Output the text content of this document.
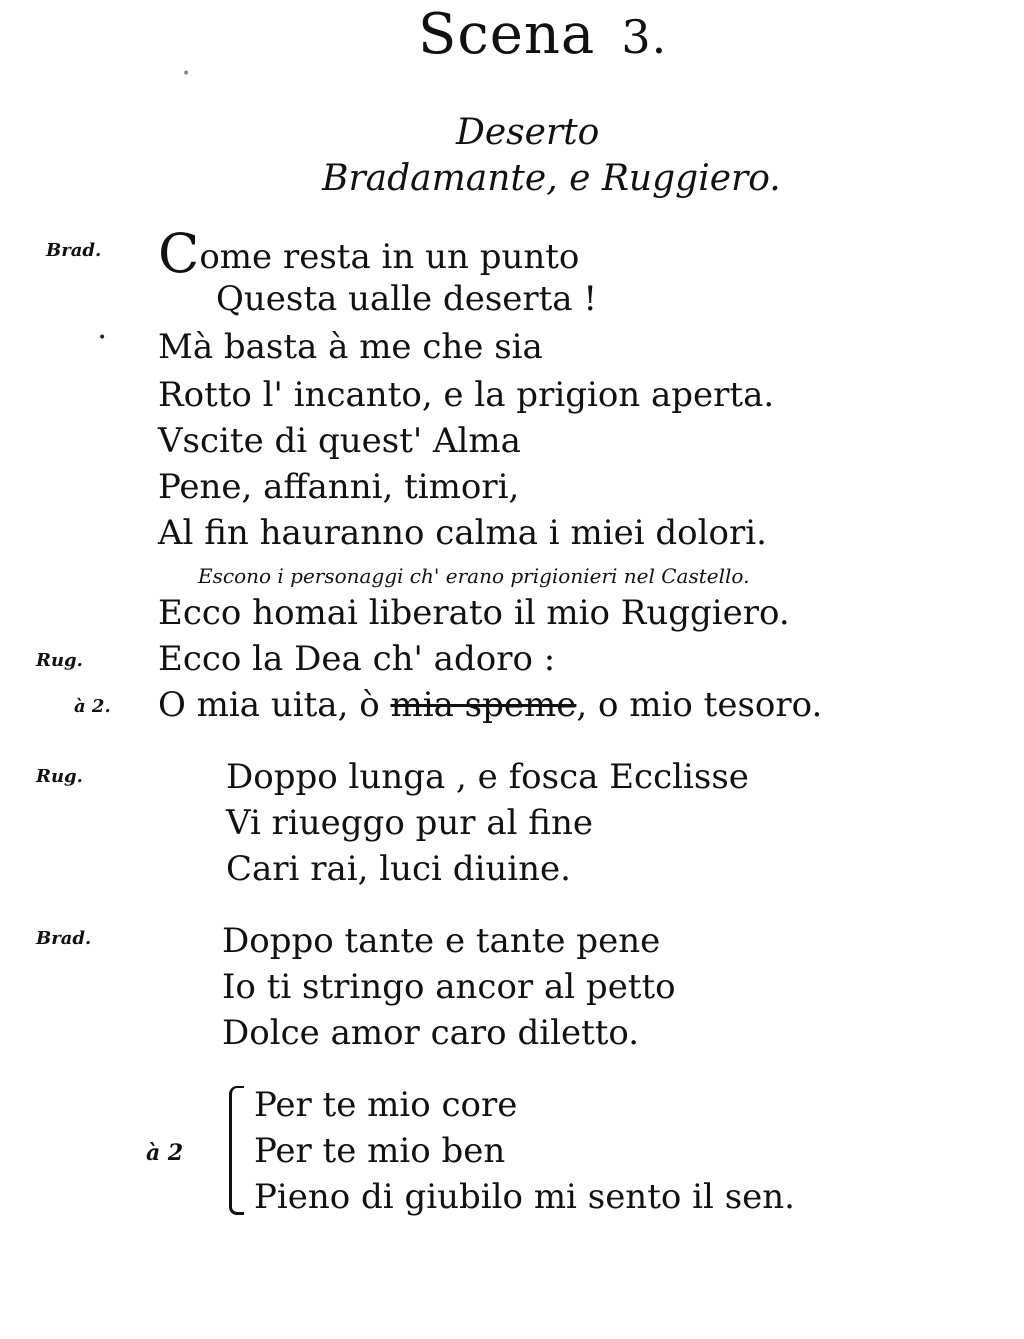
Scena 3.
Deserto
Bradamante, e Ruggiero.
Brad. Come resta in un punto
Questa ualle deserta !
Mà basta à me che sia
Rotto l' incanto, e la prigion aperta.
Vscite di quest' Alma
Pene, affanni, timori,
Al fin hauranno calma i miei dolori.
Escono i personaggi ch' erano prigionieri nel Castello.
Ecco homai liberato il mio Ruggiero.
Rug. Ecco la Dea ch' adoro :
à 2. O mia uita, ò mia speme, o mio tesoro.
Rug.	Doppo lunga , e fosca Ecclisse
Vi riueggo pur al fine
Cari rai, luci diuine.
Brad.	Doppo tante e tante pene
Io ti stringo ancor al petto
Dolce amor caro diletto.
à 2
Per te mio core
Per te mio ben
Pieno di giubilo mi sento il sen.
•
•
